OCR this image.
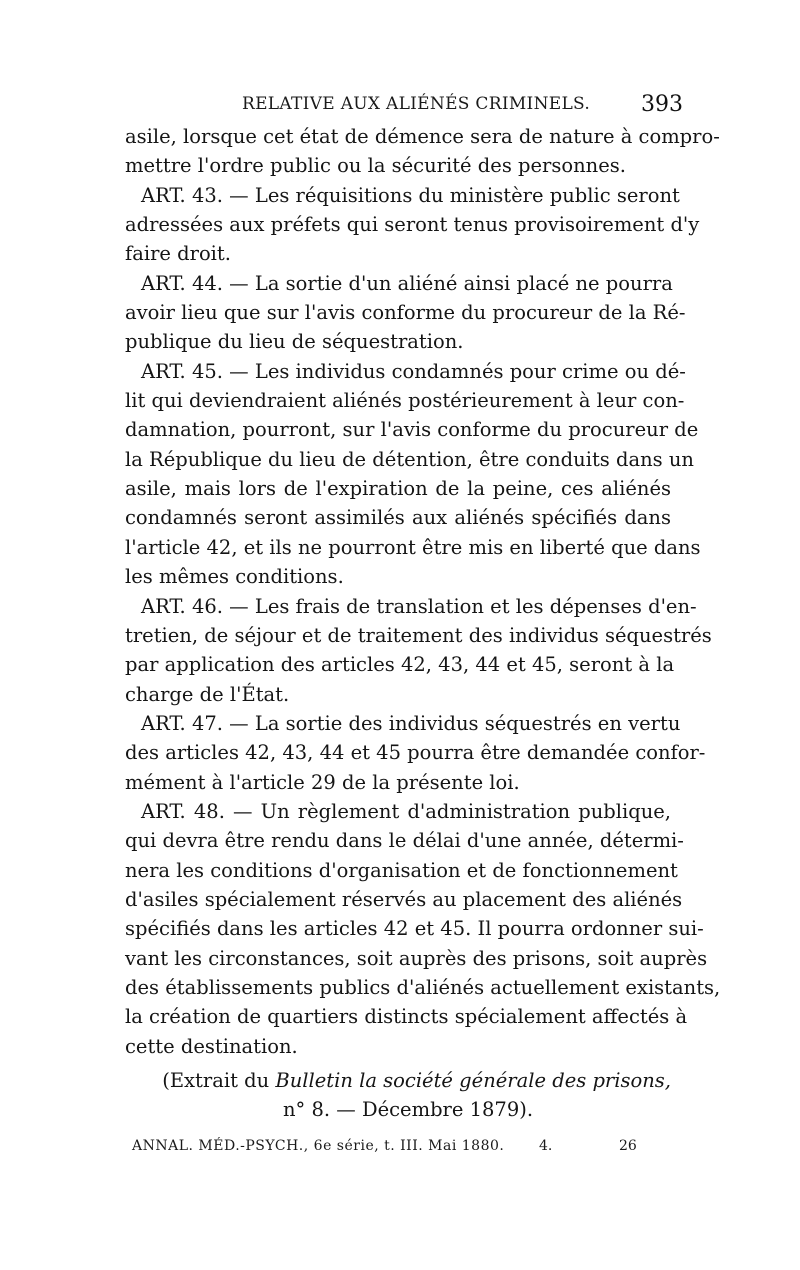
RELATIVE AUX ALIÉNÉS CRIMINELS. 393
asile, lorsque cet état de démence sera de nature à compro-
mettre l'ordre public ou la sécurité des personnes.
ART. 43. — Les réquisitions du ministère public seront
adressées aux préfets qui seront tenus provisoirement d'y
faire droit.
ART. 44. — La sortie d'un aliéné ainsi placé ne pourra
avoir lieu que sur l'avis conforme du procureur de la Ré-
publique du lieu de séquestration.
ART. 45. — Les individus condamnés pour crime ou dé-
lit qui deviendraient aliénés postérieurement à leur con-
damnation, pourront, sur l'avis conforme du procureur de
la République du lieu de détention, être conduits dans un
asile, mais lors de l'expiration de la peine, ces aliénés
condamnés seront assimilés aux aliénés spécifiés dans
l'article 42, et ils ne pourront être mis en liberté que dans
les mêmes conditions.
ART. 46. — Les frais de translation et les dépenses d'en-
tretien, de séjour et de traitement des individus séquestrés
par application des articles 42, 43, 44 et 45, seront à la
charge de l'État.
ART. 47. — La sortie des individus séquestrés en vertu
des articles 42, 43, 44 et 45 pourra être demandée confor-
mément à l'article 29 de la présente loi.
ART. 48. — Un règlement d'administration publique,
qui devra être rendu dans le délai d'une année, détermi-
nera les conditions d'organisation et de fonctionnement
d'asiles spécialement réservés au placement des aliénés
spécifiés dans les articles 42 et 45. Il pourra ordonner sui-
vant les circonstances, soit auprès des prisons, soit auprès
des établissements publics d'aliénés actuellement existants,
la création de quartiers distincts spécialement affectés à
cette destination.
(Extrait du Bulletin la société générale des prisons,
n° 8. — Décembre 1879).
ANNAL. MÉD.-PSYCH., 6e série, t. III. Mai 1880. 4.	26
